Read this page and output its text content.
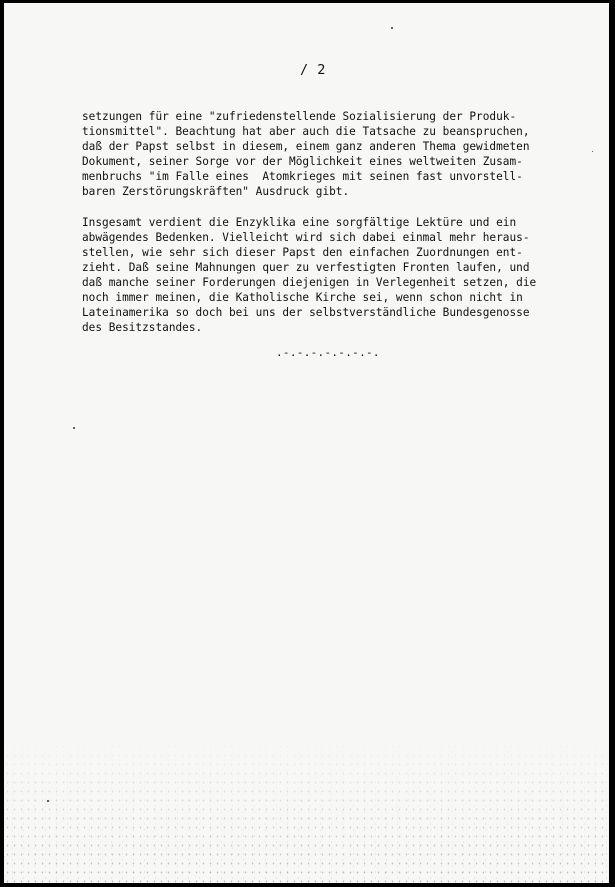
/ 2

setzungen für eine "zufriedenstellende Sozialisierung der Produk-
tionsmittel". Beachtung hat aber auch die Tatsache zu beanspruchen,
daß der Papst selbst in diesem, einem ganz anderen Thema gewidmeten
Dokument, seiner Sorge vor der Möglichkeit eines weltweiten Zusam-
menbruchs "im Falle eines  Atomkrieges mit seinen fast unvorstell-
baren Zerstörungskräften" Ausdruck gibt.

Insgesamt verdient die Enzyklika eine sorgfältige Lektüre und ein
abwägendes Bedenken. Vielleicht wird sich dabei einmal mehr heraus-
stellen, wie sehr sich dieser Papst den einfachen Zuordnungen ent-
zieht. Daß seine Mahnungen quer zu verfestigten Fronten laufen, und
daß manche seiner Forderungen diejenigen in Verlegenheit setzen, die
noch immer meinen, die Katholische Kirche sei, wenn schon nicht in
Lateinamerika so doch bei uns der selbstverständliche Bundesgenosse
des Besitzstandes.

.-.-.-.-.-.-.-.
